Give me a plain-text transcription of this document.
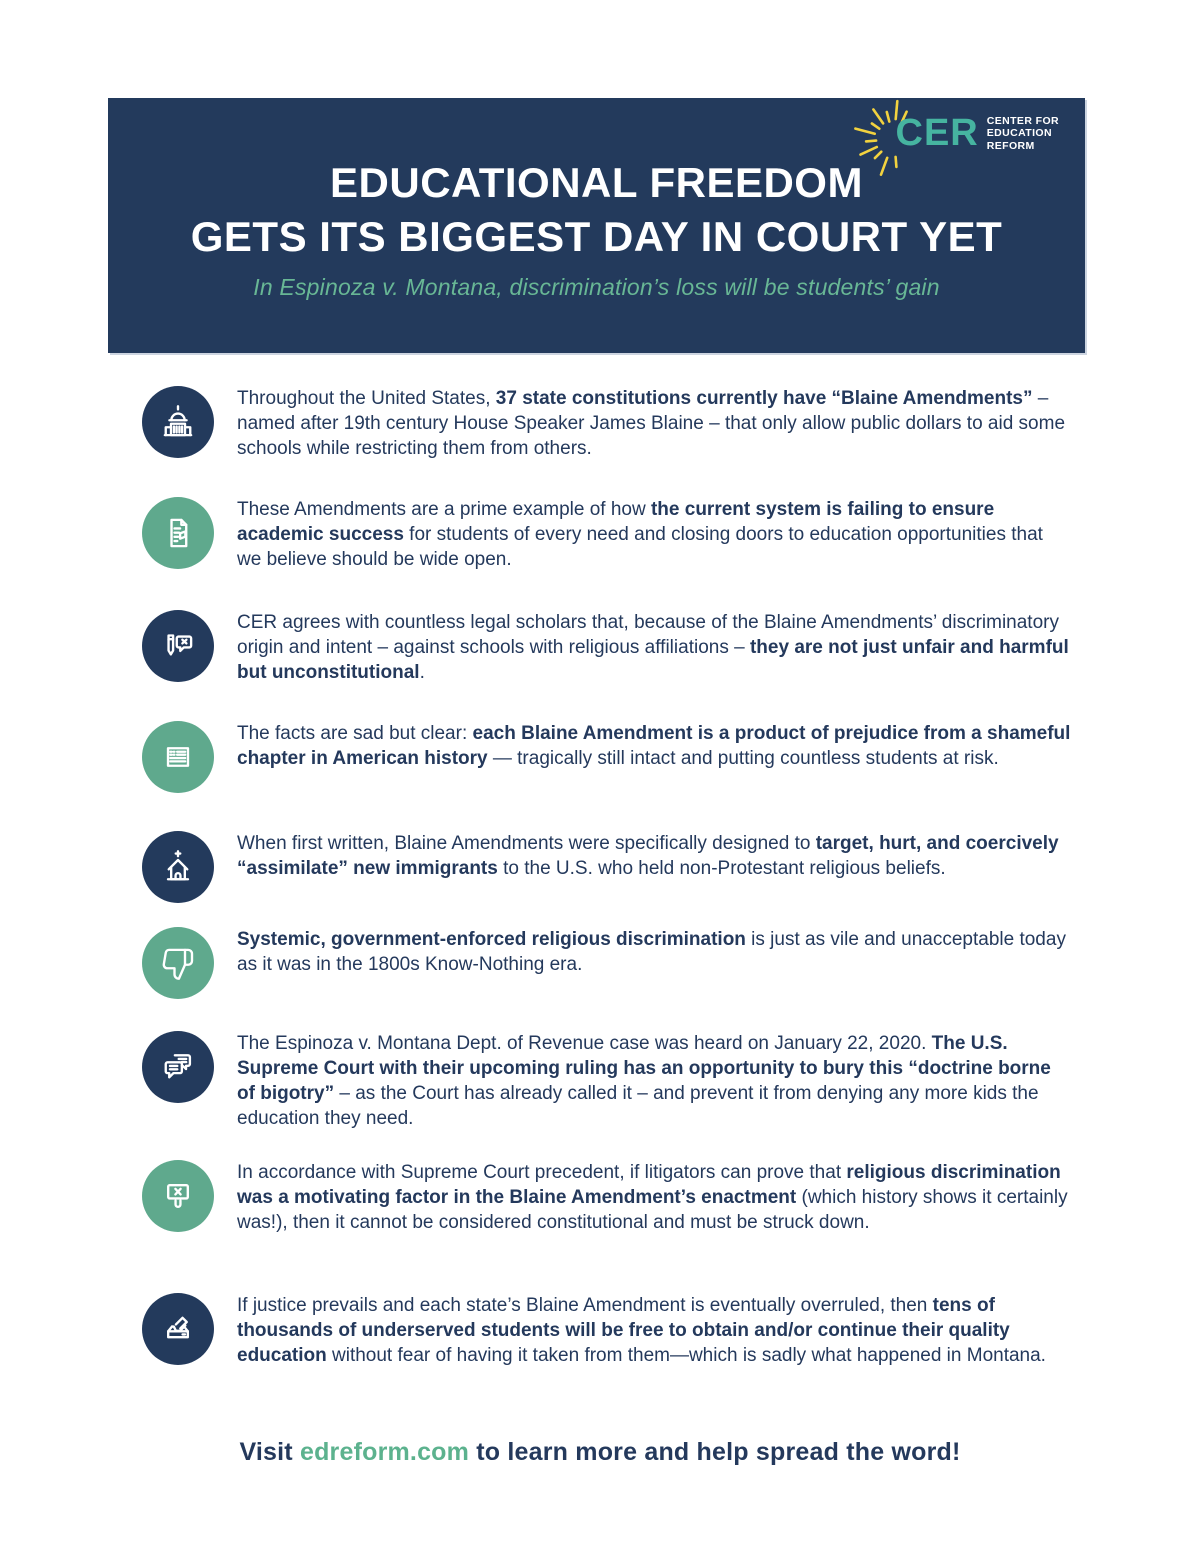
CER CENTER FOR
EDUCATION
REFORM
EDUCATIONAL FREEDOM
GETS ITS BIGGEST DAY IN COURT YET

In Espinoza v. Montana, discrimination’s loss will be students’ gain

Throughout the United States, 37 state constitutions currently have “Blaine Amendments” – named after 19th century House Speaker James Blaine – that only allow public dollars to aid some schools while restricting them from others.

These Amendments are a prime example of how the current system is failing to ensure academic success for students of every need and closing doors to education opportunities that we believe should be wide open.

CER agrees with countless legal scholars that, because of the Blaine Amendments’ discriminatory origin and intent – against schools with religious affiliations – they are not just unfair and harmful but unconstitutional.

The facts are sad but clear: each Blaine Amendment is a product of prejudice from a shameful chapter in American history — tragically still intact and putting countless students at risk.

When first written, Blaine Amendments were specifically designed to target, hurt, and coercively “assimilate” new immigrants to the U.S. who held non-Protestant religious beliefs.

Systemic, government-enforced religious discrimination is just as vile and unacceptable today as it was in the 1800s Know-Nothing era.

The Espinoza v. Montana Dept. of Revenue case was heard on January 22, 2020. The U.S. Supreme Court with their upcoming ruling has an opportunity to bury this “doctrine borne of bigotry” – as the Court has already called it – and prevent it from denying any more kids the education they need.

In accordance with Supreme Court precedent, if litigators can prove that religious discrimination was a motivating factor in the Blaine Amendment’s enactment (which history shows it certainly was!), then it cannot be considered constitutional and must be struck down.

If justice prevails and each state’s Blaine Amendment is eventually overruled, then tens of thousands of underserved students will be free to obtain and/or continue their quality education without fear of having it taken from them—which is sadly what happened in Montana.

Visit edreform.com to learn more and help spread the word!
